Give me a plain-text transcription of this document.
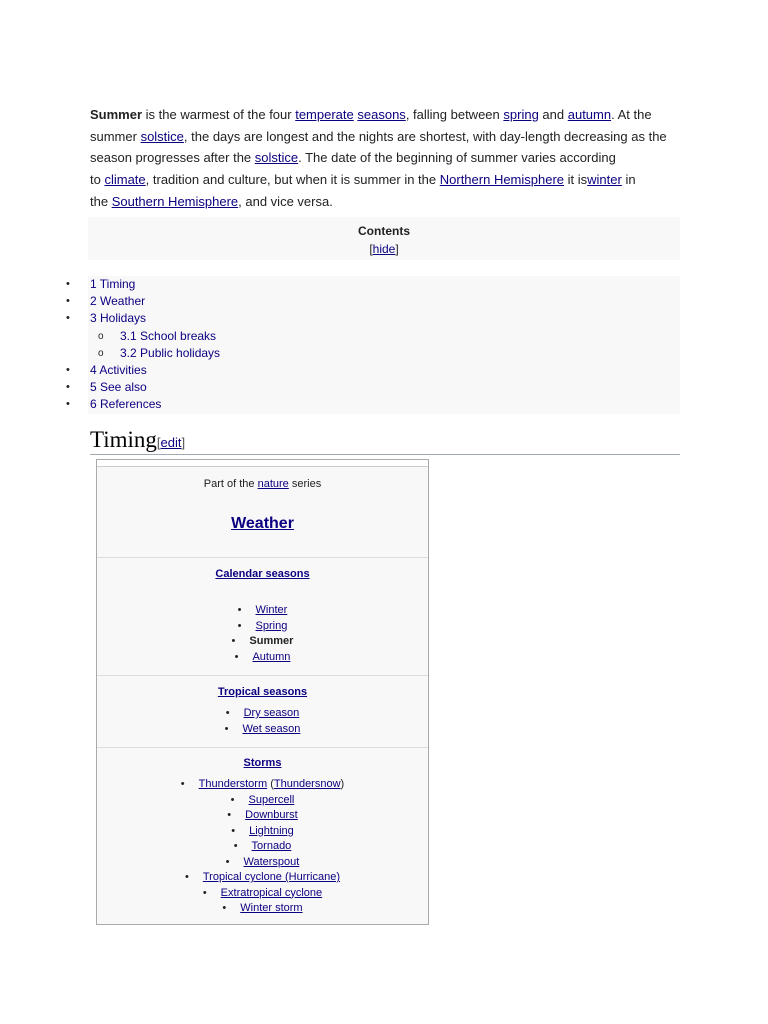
Summer is the warmest of the four temperate seasons, falling between spring and autumn. At the
summer solstice, the days are longest and the nights are shortest, with day-length decreasing as the
season progresses after the solstice. The date of the beginning of summer varies according
to climate, tradition and culture, but when it is summer in the Northern Hemisphere it iswinter in
the Southern Hemisphere, and vice versa.
Contents
[hide]
• 1 Timing
• 2 Weather
• 3 Holidays
o 3.1 School breaks
o 3.2 Public holidays
• 4 Activities
• 5 See also
• 6 References
Timing[edit]
Part of the nature series
Weather
Calendar seasons
• Winter
• Spring
• Summer
• Autumn
Tropical seasons
• Dry season
• Wet season
Storms
• Thunderstorm (Thundersnow)
• Supercell
• Downburst
• Lightning
• Tornado
• Waterspout
• Tropical cyclone (Hurricane)
• Extratropical cyclone
• Winter storm
